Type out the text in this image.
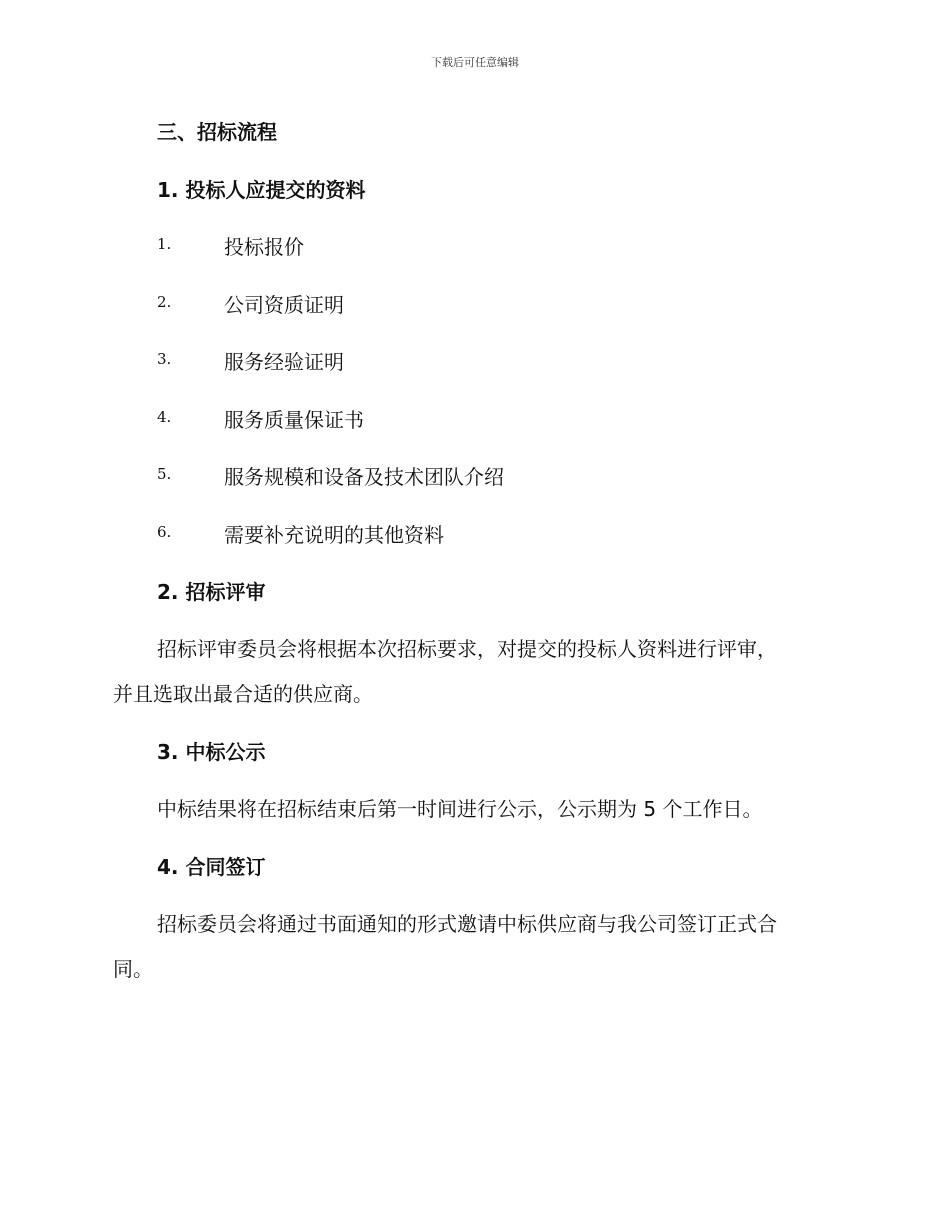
下载后可任意编辑
三、招标流程
1. 投标人应提交的资料
1.	投标报价
2.	公司资质证明
3.	服务经验证明
4.	服务质量保证书
5.	服务规模和设备及技术团队介绍
6.	需要补充说明的其他资料
2. 招标评审
招标评审委员会将根据本次招标要求，对提交的投标人资料进行评审，
并且选取出最合适的供应商。
3. 中标公示
中标结果将在招标结束后第一时间进行公示，公示期为 5 个工作日。
4. 合同签订
招标委员会将通过书面通知的形式邀请中标供应商与我公司签订正式合
同。
